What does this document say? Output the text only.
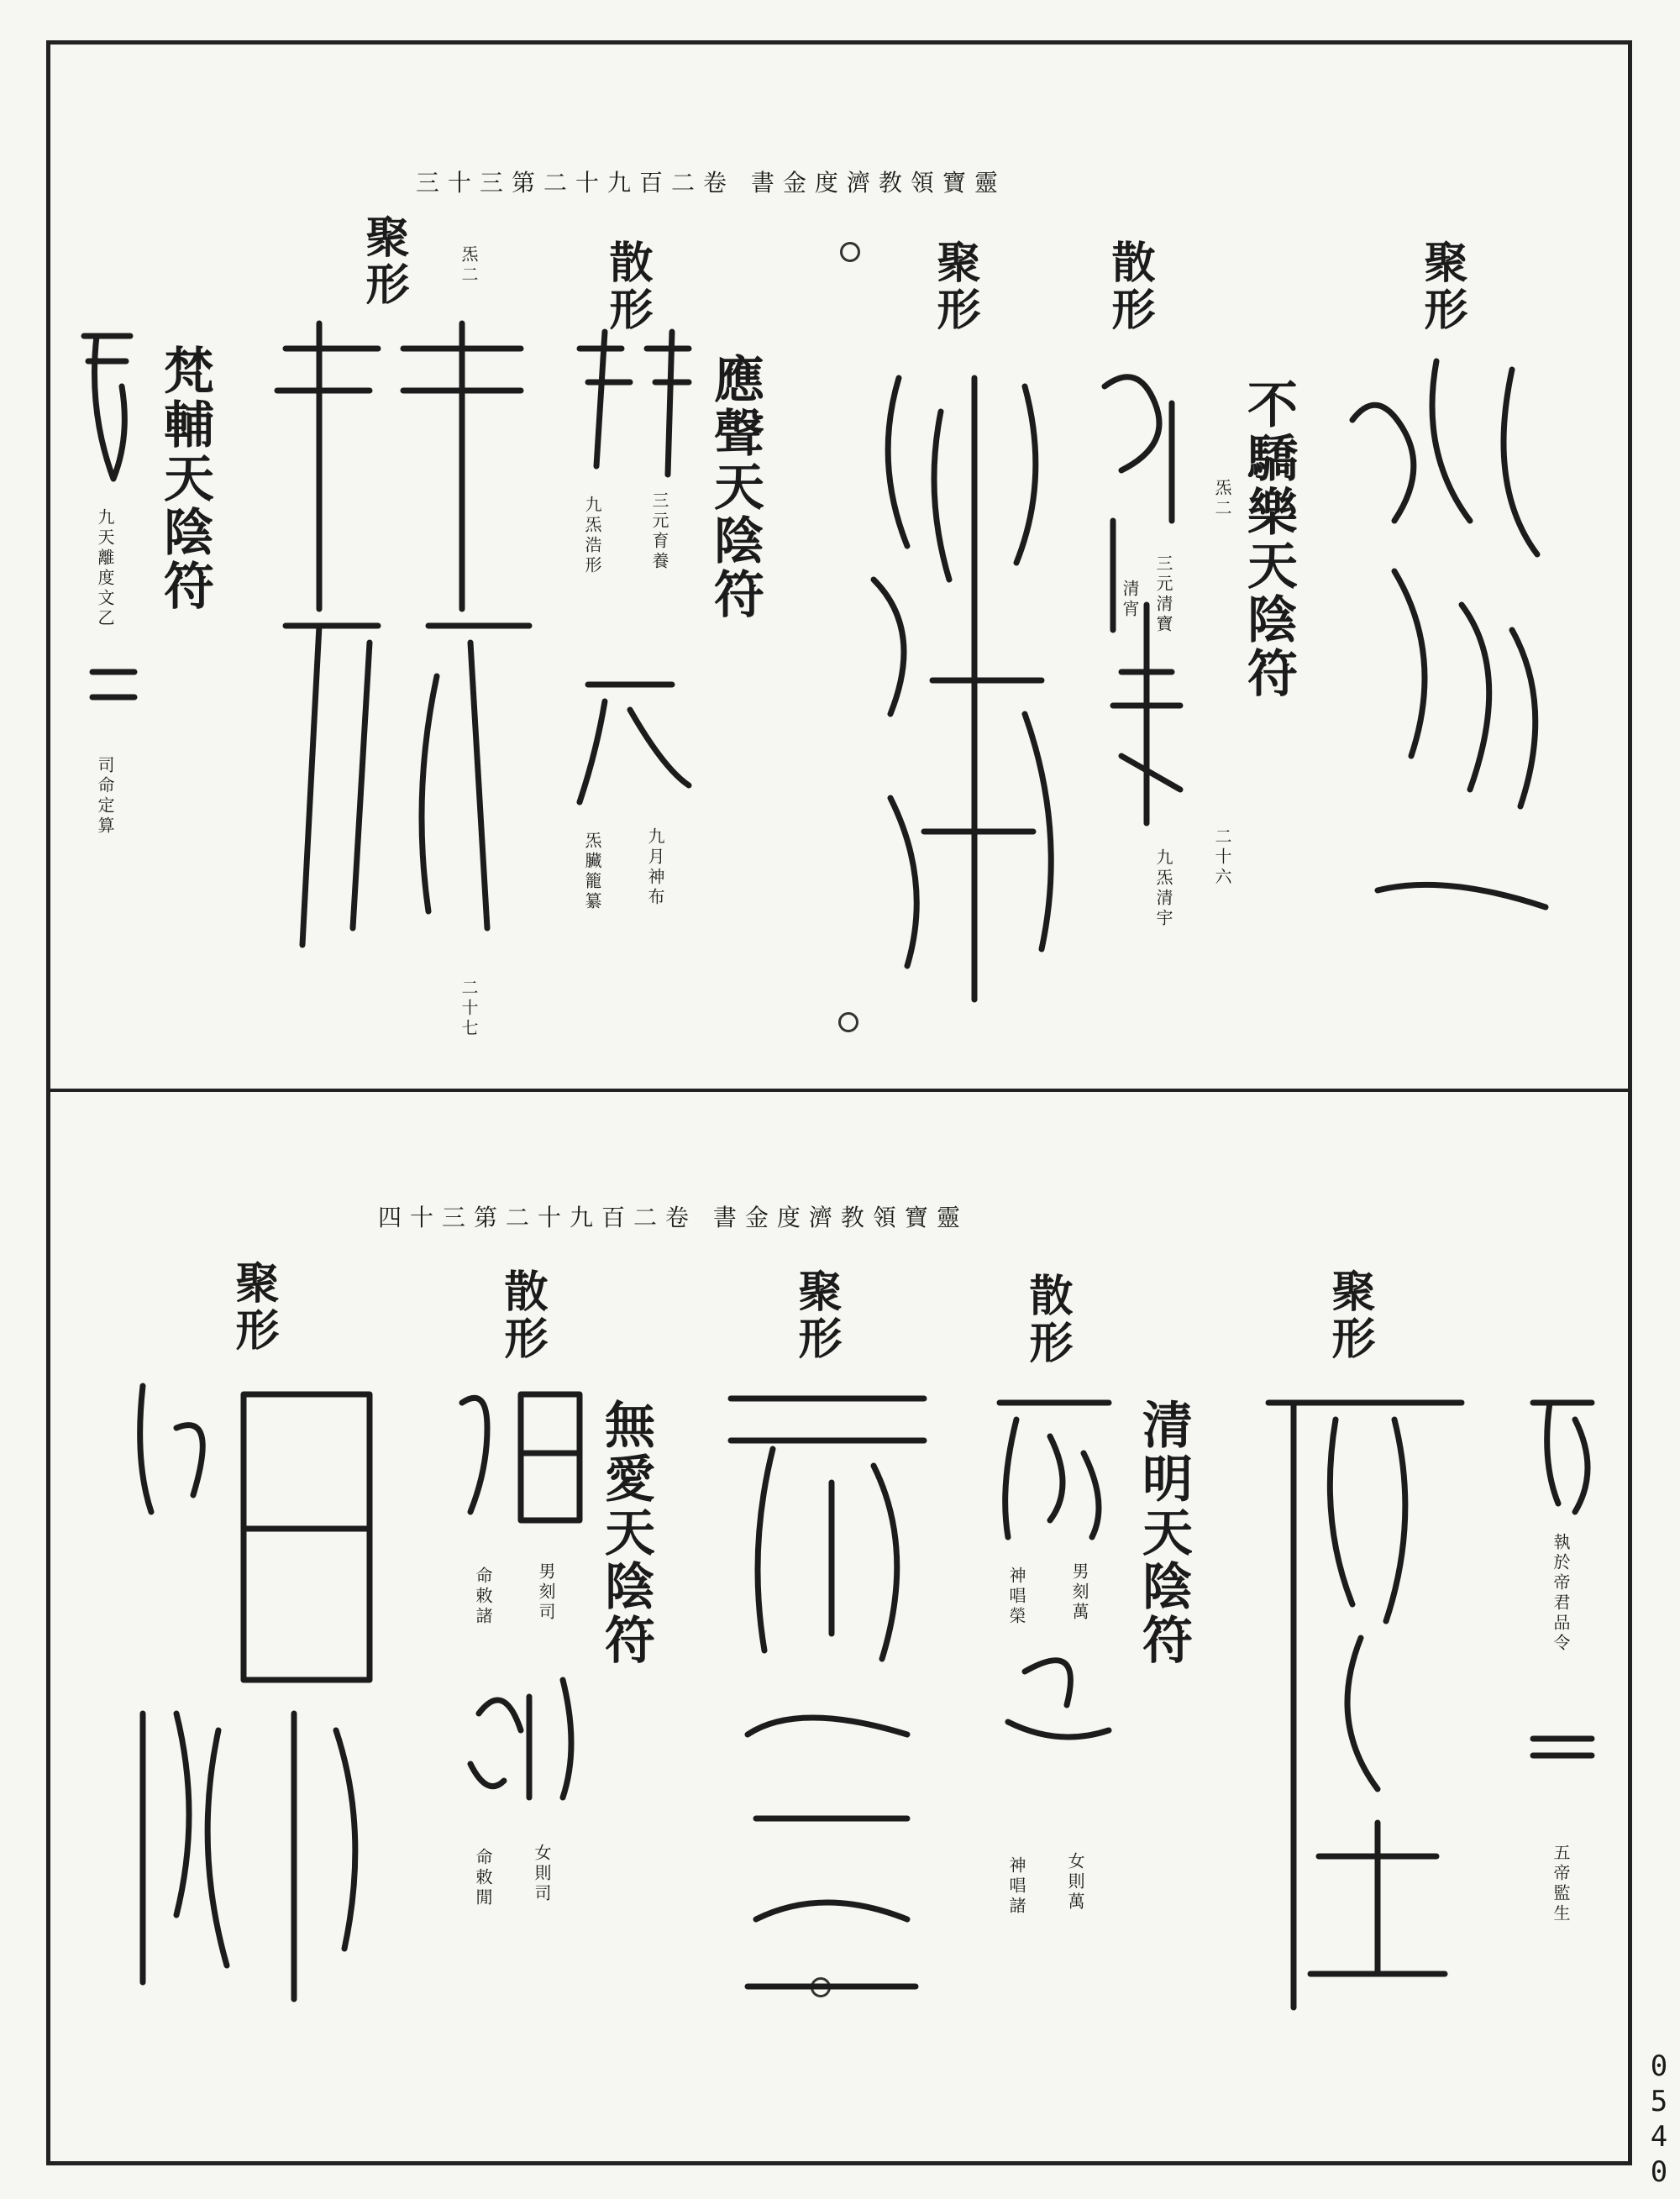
三十三第二十九百二卷 書金度濟教領寶靈
聚形
不驕樂天陰符
炁二
三元清寶
清宵
二十六
九炁清宇
散形
聚形
應聲天陰符
三元育養
九炁浩形
九月神布
炁臟籠纂
散形
聚形	炁二
二十七
梵輔天陰符
九天離度文乙
司命定算
四十三第二十九百二卷 書金度濟教領寶靈
執於帝君品令
五帝監生
聚形
清明天陰符
男刻萬
神唱榮
女則萬
神唱諸
散形
聚形
無愛天陰符
男刻司
命敕諸
女則司
命敕閒
散形
聚形
0540
